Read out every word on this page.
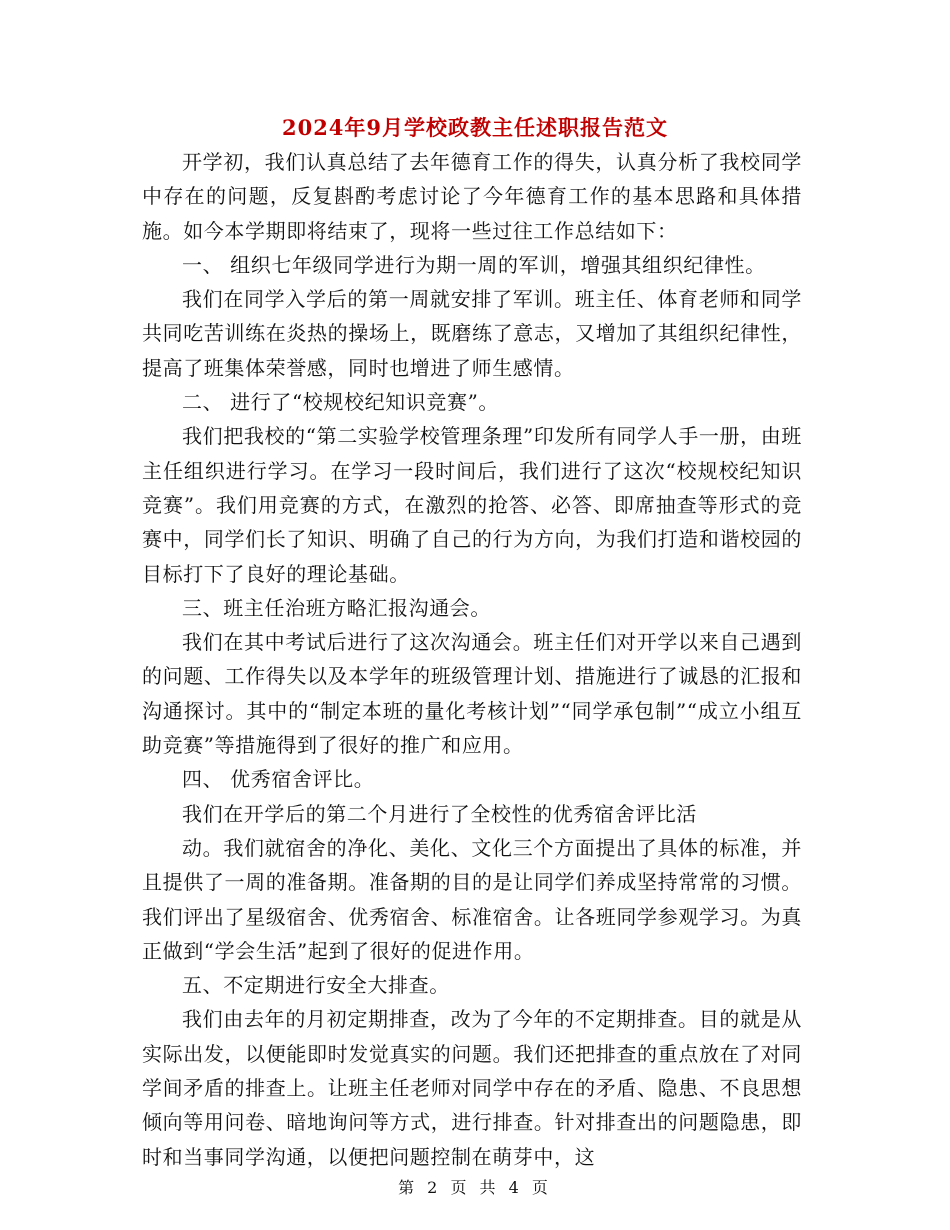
2024年9月学校政教主任述职报告范文

开学初，我们认真总结了去年德育工作的得失，认真分析了我校同学中存在的问题，反复斟酌考虑讨论了今年德育工作的基本思路和具体措施。如今本学期即将结束了，现将一些过往工作总结如下：

一、 组织七年级同学进行为期一周的军训，增强其组织纪律性。

我们在同学入学后的第一周就安排了军训。班主任、体育老师和同学共同吃苦训练在炎热的操场上，既磨练了意志，又增加了其组织纪律性，提高了班集体荣誉感，同时也增进了师生感情。

二、 进行了“校规校纪知识竞赛”。

我们把我校的“第二实验学校管理条理”印发所有同学人手一册，由班主任组织进行学习。在学习一段时间后，我们进行了这次“校规校纪知识竞赛”。我们用竞赛的方式，在激烈的抢答、必答、即席抽查等形式的竞赛中，同学们长了知识、明确了自己的行为方向，为我们打造和谐校园的目标打下了良好的理论基础。

三、班主任治班方略汇报沟通会。

我们在其中考试后进行了这次沟通会。班主任们对开学以来自己遇到的问题、工作得失以及本学年的班级管理计划、措施进行了诚恳的汇报和沟通探讨。其中的“制定本班的量化考核计划”“同学承包制”“成立小组互助竞赛”等措施得到了很好的推广和应用。

四、 优秀宿舍评比。

我们在开学后的第二个月进行了全校性的优秀宿舍评比活

动。我们就宿舍的净化、美化、文化三个方面提出了具体的标准，并且提供了一周的准备期。准备期的目的是让同学们养成坚持常常的习惯。我们评出了星级宿舍、优秀宿舍、标准宿舍。让各班同学参观学习。为真正做到“学会生活”起到了很好的促进作用。

五、不定期进行安全大排查。

我们由去年的月初定期排查，改为了今年的不定期排查。目的就是从实际出发，以便能即时发觉真实的问题。我们还把排查的重点放在了对同学间矛盾的排查上。让班主任老师对同学中存在的矛盾、隐患、不良思想倾向等用问卷、暗地询问等方式，进行排查。针对排查出的问题隐患，即时和当事同学沟通，以便把问题控制在萌芽中，这

第 2 页 共 4 页
